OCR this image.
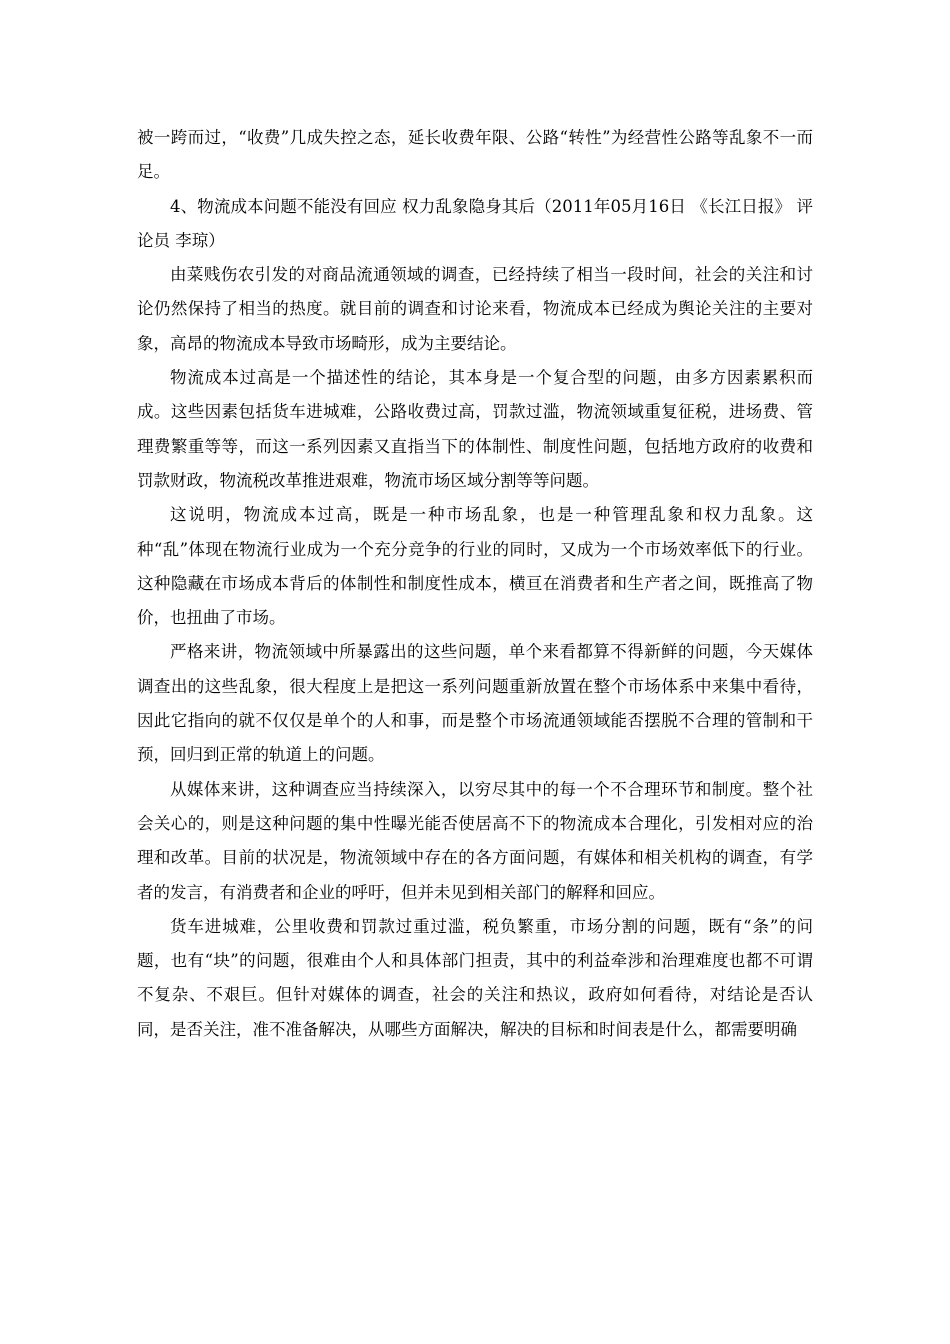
被一跨而过，“收费”几成失控之态，延长收费年限、公路“转性”为经营性公路等乱象不一而足。

4、物流成本问题不能没有回应 权力乱象隐身其后（2011年05月16日 《长江日报》 评论员 李琼）

由菜贱伤农引发的对商品流通领域的调查，已经持续了相当一段时间，社会的关注和讨论仍然保持了相当的热度。就目前的调查和讨论来看，物流成本已经成为舆论关注的主要对象，高昂的物流成本导致市场畸形，成为主要结论。

物流成本过高是一个描述性的结论，其本身是一个复合型的问题，由多方因素累积而成。这些因素包括货车进城难，公路收费过高，罚款过滥，物流领域重复征税，进场费、管理费繁重等等，而这一系列因素又直指当下的体制性、制度性问题，包括地方政府的收费和罚款财政，物流税改革推进艰难，物流市场区域分割等等问题。

这说明，物流成本过高，既是一种市场乱象，也是一种管理乱象和权力乱象。这种“乱”体现在物流行业成为一个充分竞争的行业的同时，又成为一个市场效率低下的行业。这种隐藏在市场成本背后的体制性和制度性成本，横亘在消费者和生产者之间，既推高了物价，也扭曲了市场。

严格来讲，物流领域中所暴露出的这些问题，单个来看都算不得新鲜的问题，今天媒体调查出的这些乱象，很大程度上是把这一系列问题重新放置在整个市场体系中来集中看待，因此它指向的就不仅仅是单个的人和事，而是整个市场流通领域能否摆脱不合理的管制和干预，回归到正常的轨道上的问题。

从媒体来讲，这种调查应当持续深入，以穷尽其中的每一个不合理环节和制度。整个社会关心的，则是这种问题的集中性曝光能否使居高不下的物流成本合理化，引发相对应的治理和改革。目前的状况是，物流领域中存在的各方面问题，有媒体和相关机构的调查，有学者的发言，有消费者和企业的呼吁，但并未见到相关部门的解释和回应。

货车进城难，公里收费和罚款过重过滥，税负繁重，市场分割的问题，既有“条”的问题，也有“块”的问题，很难由个人和具体部门担责，其中的利益牵涉和治理难度也都不可谓不复杂、不艰巨。但针对媒体的调查，社会的关注和热议，政府如何看待，对结论是否认同，是否关注，准不准备解决，从哪些方面解决，解决的目标和时间表是什么，都需要明确
